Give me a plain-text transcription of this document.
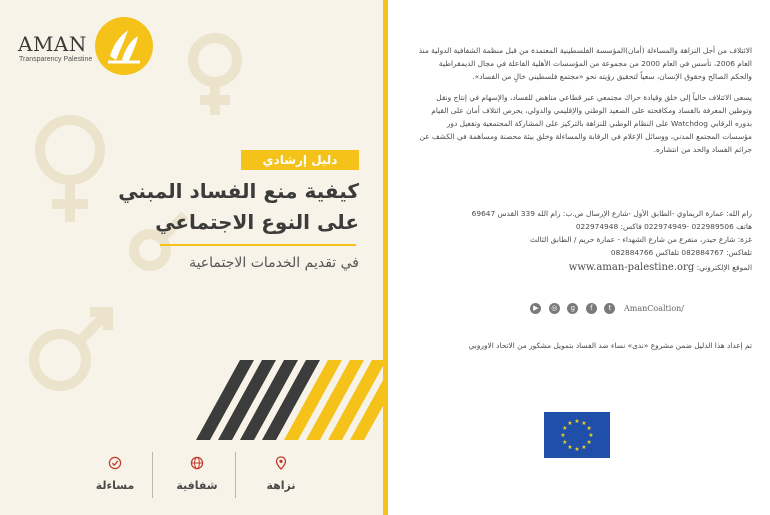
AMAN
Transparency Palestine
دليل إرشادي
كيفية منع الفساد المبني
على النوع الاجتماعي
في تقديم الخدمات الاجتماعية
نزاهة
شفافية
مساءلة

الائتلاف من أجل النزاهة والمساءلة (أمان)المؤسسة الفلسطينية المعتمدة من قبل منظمة الشفافية الدولية منذ العام 2006، تأسس في العام 2000 من مجموعة من المؤسسات الأهلية الفاعلة في مجال الديمقراطية والحكم الصالح وحقوق الإنسان، سعياً لتحقيق رؤيته نحو «مجتمع فلسطيني خالٍ من الفساد».

يسعى الائتلاف حالياً إلى خلق وقيادة حراك مجتمعي عبر قطاعي مناهض للفساد، والإسهام في إنتاج ونقل وتوطين المعرفة بالفساد ومكافحته على الصعيد الوطني والإقليمي والدولي، يحرص ائتلاف أمان على القيام بدوره الرقابي Watchdog على النظام الوطني للنزاهة بالتركيز على المشاركة المجتمعية وتفعيل دور مؤسسات المجتمع المدني، ووسائل الإعلام في الرقابة والمساءلة وخلق بيئة محصنة ومساهمة في الكشف عن جرائم الفساد والحد من انتشاره.

رام الله: عمارة الريماوي -الطابق الأول -شارع الإرسال ص.ب: رام الله 339 القدس 69647
هاتف 022989506 -022974949 فاكس: 022974948
غزة: شارع حيدر، متفرع من شارع الشهداء - عمارة حريم / الطابق الثالث
تلفاكس: 082884767 تلفاكس 082884766
الموقع الإلكتروني: www.aman-palestine.org
/AmanCoaltion t f g ◎ ▶
تم إعداد هذا الدليل ضمن مشروع «ندى» نساء ضد الفساد بتمويل مشكور من الاتحاد الاوروبي
★
★
★
★
★
★
★
★
★ ★ ★
★
